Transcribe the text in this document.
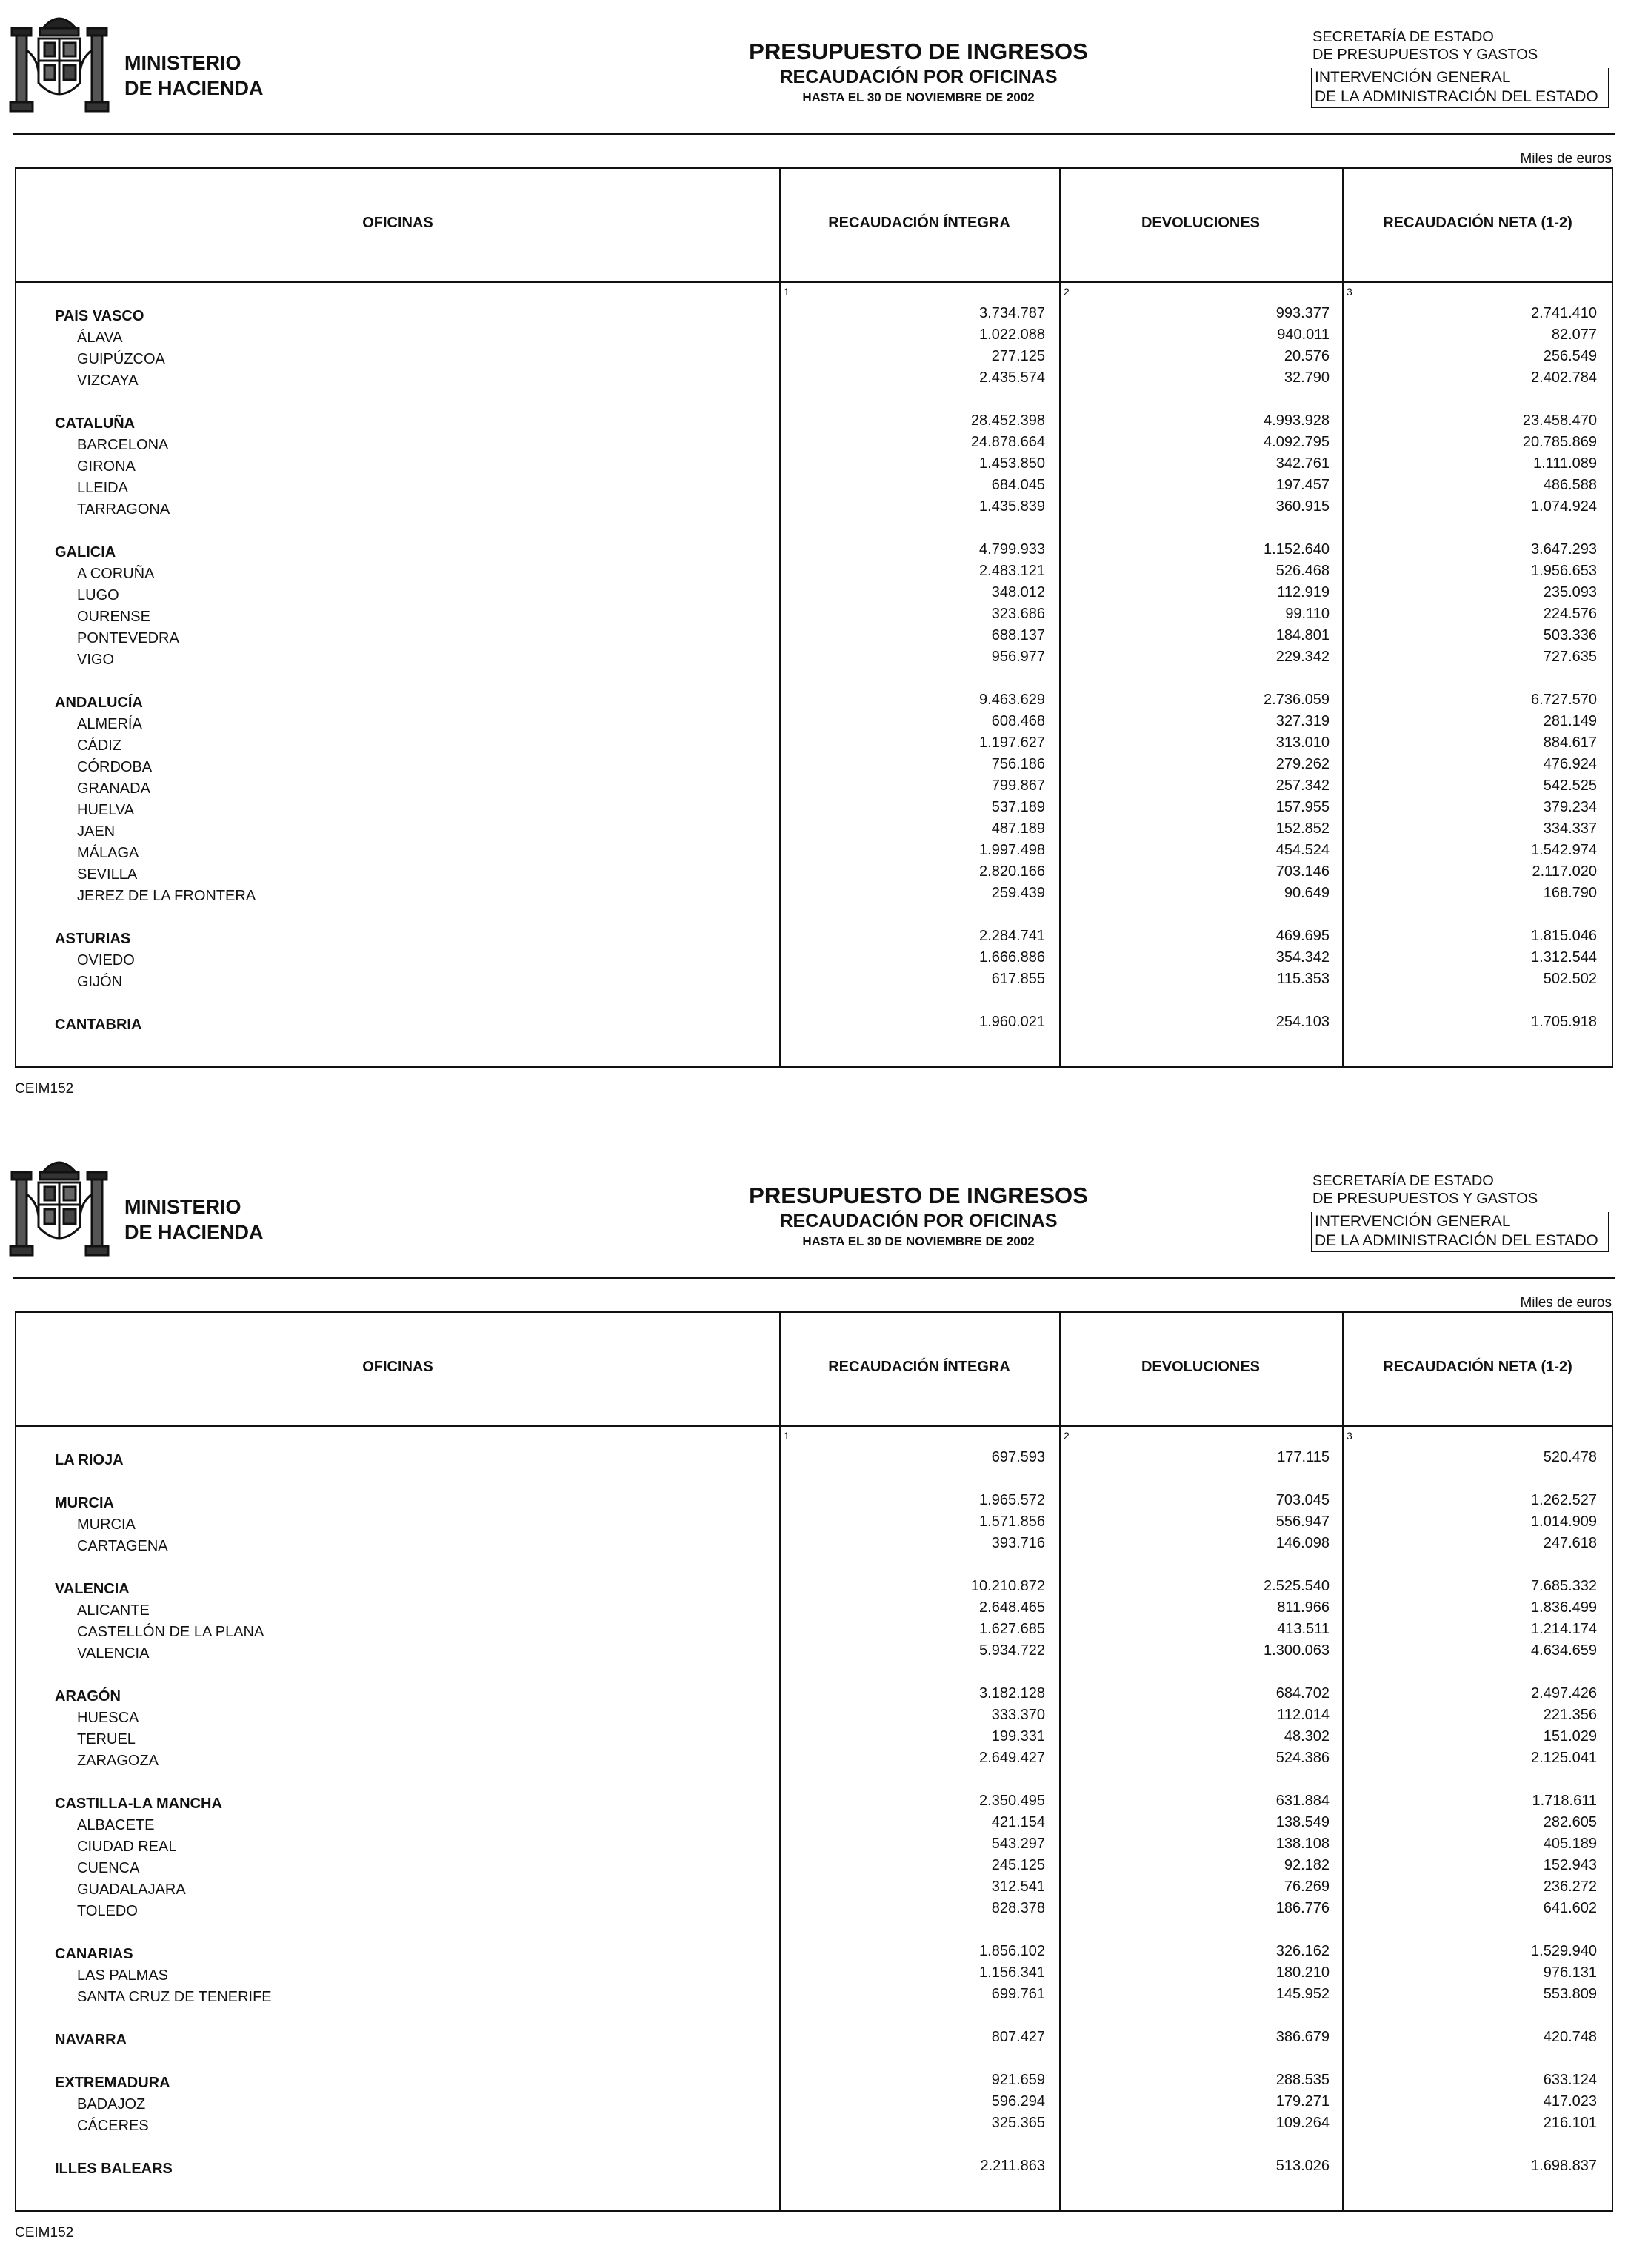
MINISTERIO
DE HACIENDA
PRESUPUESTO DE INGRESOS
RECAUDACIÓN POR OFICINAS
HASTA EL 30 DE NOVIEMBRE DE 2002
SECRETARÍA DE ESTADO
DE PRESUPUESTOS Y GASTOS
INTERVENCIÓN GENERAL
DE LA ADMINISTRACIÓN DEL ESTADO
Miles de euros
OFICINAS	RECAUDACIÓN ÍNTEGRA	DEVOLUCIONES	RECAUDACIÓN NETA (1-2)
1	2	3
PAIS VASCO	3.734.787	993.377	2.741.410
ÁLAVA	1.022.088	940.011	82.077
GUIPÚZCOA	277.125	20.576	256.549
VIZCAYA	2.435.574	32.790	2.402.784
CATALUÑA	28.452.398	4.993.928	23.458.470
BARCELONA	24.878.664	4.092.795	20.785.869
GIRONA	1.453.850	342.761	1.111.089
LLEIDA	684.045	197.457	486.588
TARRAGONA	1.435.839	360.915	1.074.924
GALICIA	4.799.933	1.152.640	3.647.293
A CORUÑA	2.483.121	526.468	1.956.653
LUGO	348.012	112.919	235.093
OURENSE	323.686	99.110	224.576
PONTEVEDRA	688.137	184.801	503.336
VIGO	956.977	229.342	727.635
ANDALUCÍA	9.463.629	2.736.059	6.727.570
ALMERÍA	608.468	327.319	281.149
CÁDIZ	1.197.627	313.010	884.617
CÓRDOBA	756.186	279.262	476.924
GRANADA	799.867	257.342	542.525
HUELVA	537.189	157.955	379.234
JAEN	487.189	152.852	334.337
MÁLAGA	1.997.498	454.524	1.542.974
SEVILLA	2.820.166	703.146	2.117.020
JEREZ DE LA FRONTERA	259.439	90.649	168.790
ASTURIAS	2.284.741	469.695	1.815.046
OVIEDO	1.666.886	354.342	1.312.544
GIJÓN	617.855	115.353	502.502
CANTABRIA	1.960.021	254.103	1.705.918
CEIM152
MINISTERIO
DE HACIENDA
PRESUPUESTO DE INGRESOS
RECAUDACIÓN POR OFICINAS
HASTA EL 30 DE NOVIEMBRE DE 2002
SECRETARÍA DE ESTADO
DE PRESUPUESTOS Y GASTOS
INTERVENCIÓN GENERAL
DE LA ADMINISTRACIÓN DEL ESTADO
Miles de euros
OFICINAS	RECAUDACIÓN ÍNTEGRA	DEVOLUCIONES	RECAUDACIÓN NETA (1-2)
1	2	3
LA RIOJA	697.593	177.115	520.478
MURCIA	1.965.572	703.045	1.262.527
MURCIA	1.571.856	556.947	1.014.909
CARTAGENA	393.716	146.098	247.618
VALENCIA	10.210.872	2.525.540	7.685.332
ALICANTE	2.648.465	811.966	1.836.499
CASTELLÓN DE LA PLANA	1.627.685	413.511	1.214.174
VALENCIA	5.934.722	1.300.063	4.634.659
ARAGÓN	3.182.128	684.702	2.497.426
HUESCA	333.370	112.014	221.356
TERUEL	199.331	48.302	151.029
ZARAGOZA	2.649.427	524.386	2.125.041
CASTILLA-LA MANCHA	2.350.495	631.884	1.718.611
ALBACETE	421.154	138.549	282.605
CIUDAD REAL	543.297	138.108	405.189
CUENCA	245.125	92.182	152.943
GUADALAJARA	312.541	76.269	236.272
TOLEDO	828.378	186.776	641.602
CANARIAS	1.856.102	326.162	1.529.940
LAS PALMAS	1.156.341	180.210	976.131
SANTA CRUZ DE TENERIFE	699.761	145.952	553.809
NAVARRA	807.427	386.679	420.748
EXTREMADURA	921.659	288.535	633.124
BADAJOZ	596.294	179.271	417.023
CÁCERES	325.365	109.264	216.101
ILLES BALEARS	2.211.863	513.026	1.698.837
CEIM152
